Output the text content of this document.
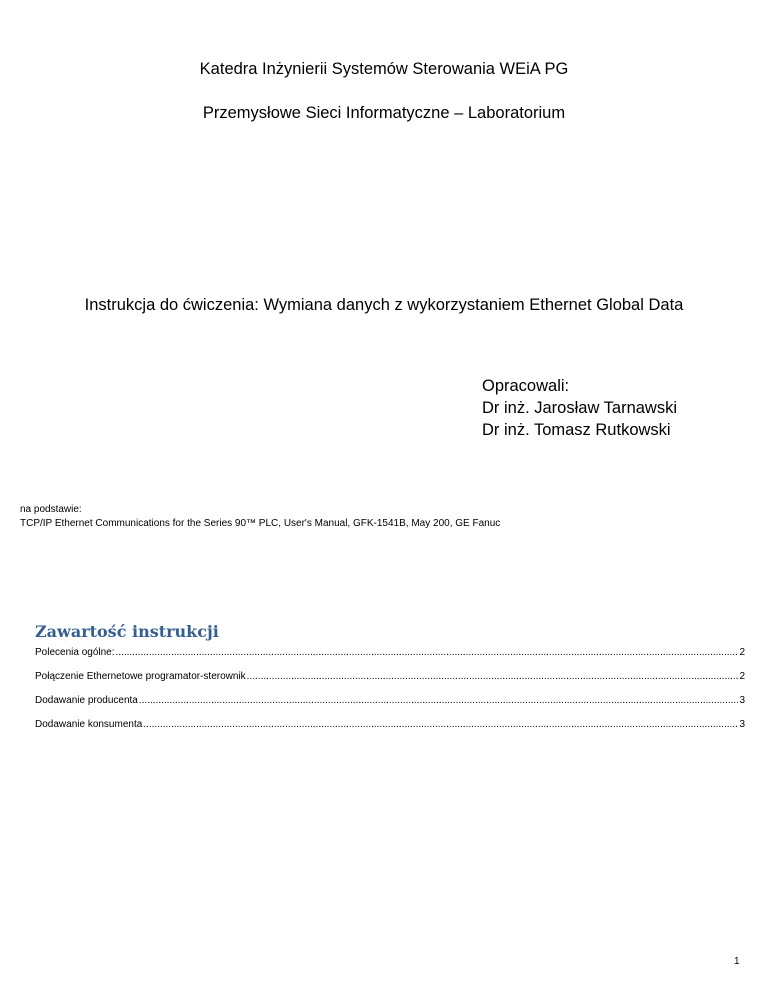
Katedra Inżynierii Systemów Sterowania WEiA PG
Przemysłowe Sieci Informatyczne – Laboratorium
Instrukcja do ćwiczenia: Wymiana danych z wykorzystaniem Ethernet Global Data
Opracowali:
Dr inż. Jarosław Tarnawski
Dr inż. Tomasz Rutkowski
na podstawie:
TCP/IP Ethernet Communications for the Series 90™ PLC, User's Manual, GFK-1541B, May 200, GE Fanuc
Zawartość instrukcji
Polecenia ogólne: .....	2
Połączenie Ethernetowe programator-sterownik .....	2
Dodawanie producenta .....	3
Dodawanie konsumenta .....	3
1
